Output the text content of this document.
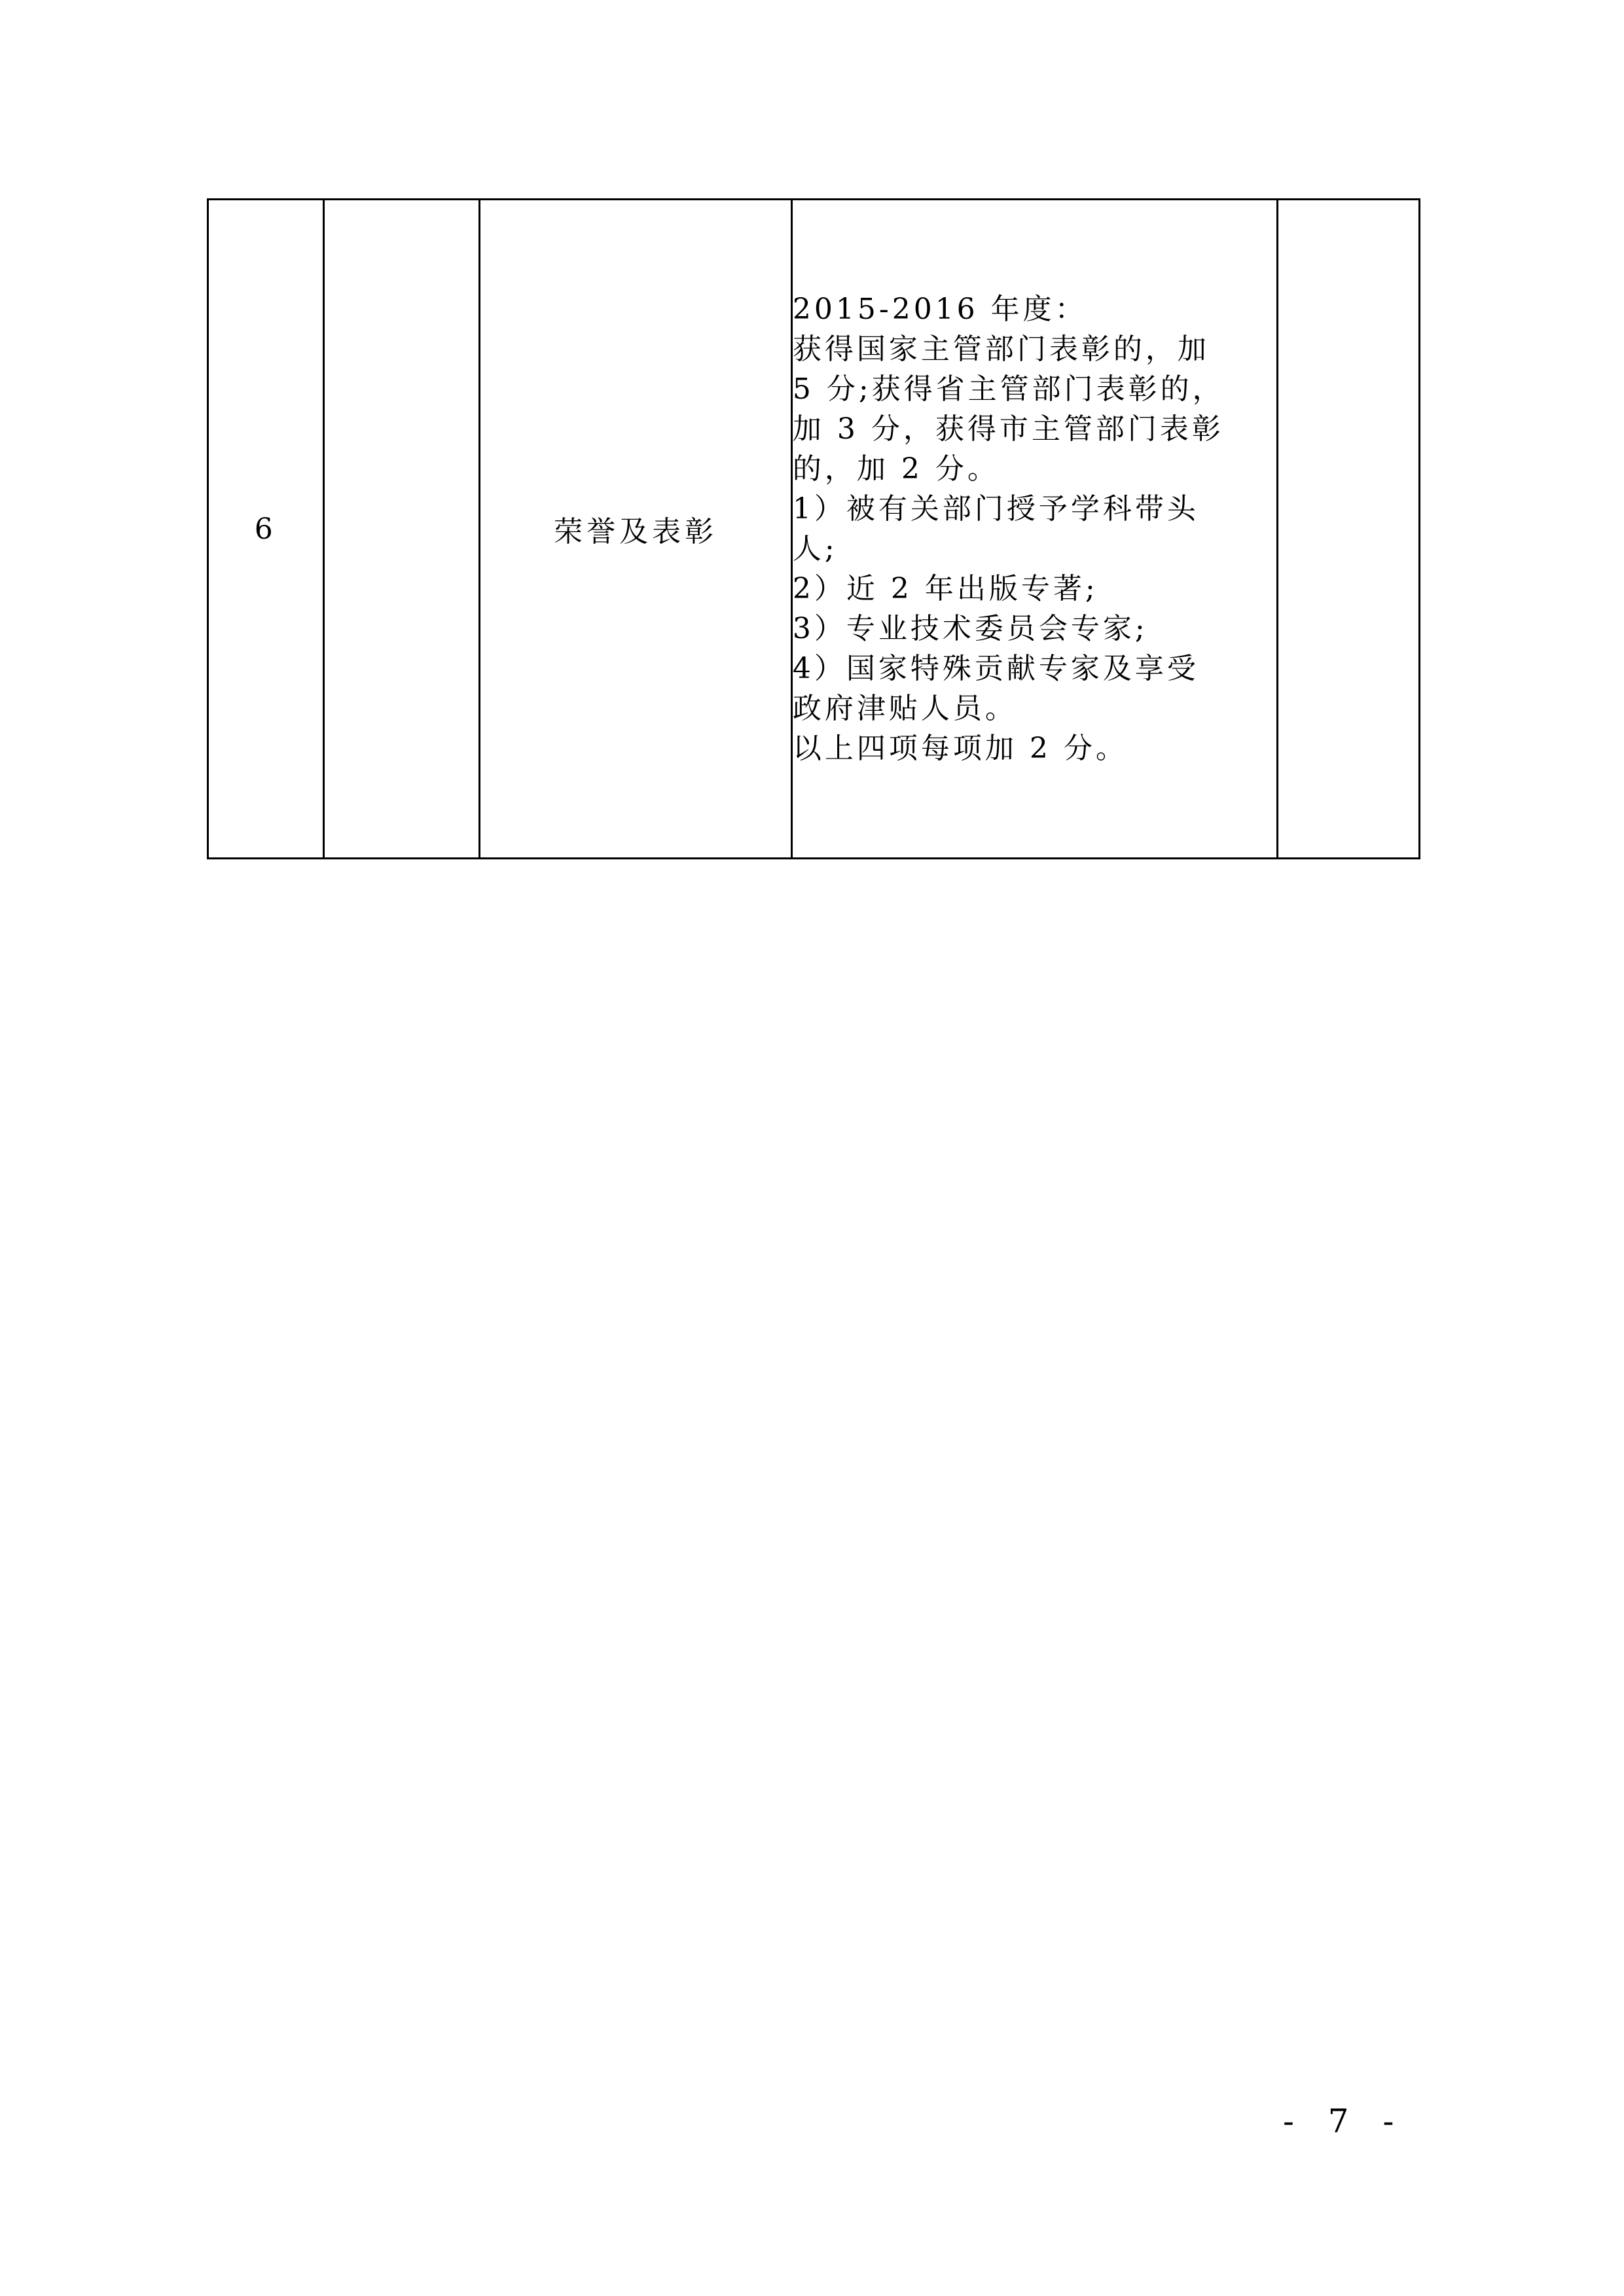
6		荣誉及表彰	
2015-2016 年度：
获得国家主管部门表彰的，加
5 分;获得省主管部门表彰的，
加 3 分，获得市主管部门表彰
的，加 2 分。
1）被有关部门授予学科带头
人;
2）近 2 年出版专著;
3）专业技术委员会专家;
4）国家特殊贡献专家及享受
政府津贴人员。
以上四项每项加 2 分。

- 7 -
